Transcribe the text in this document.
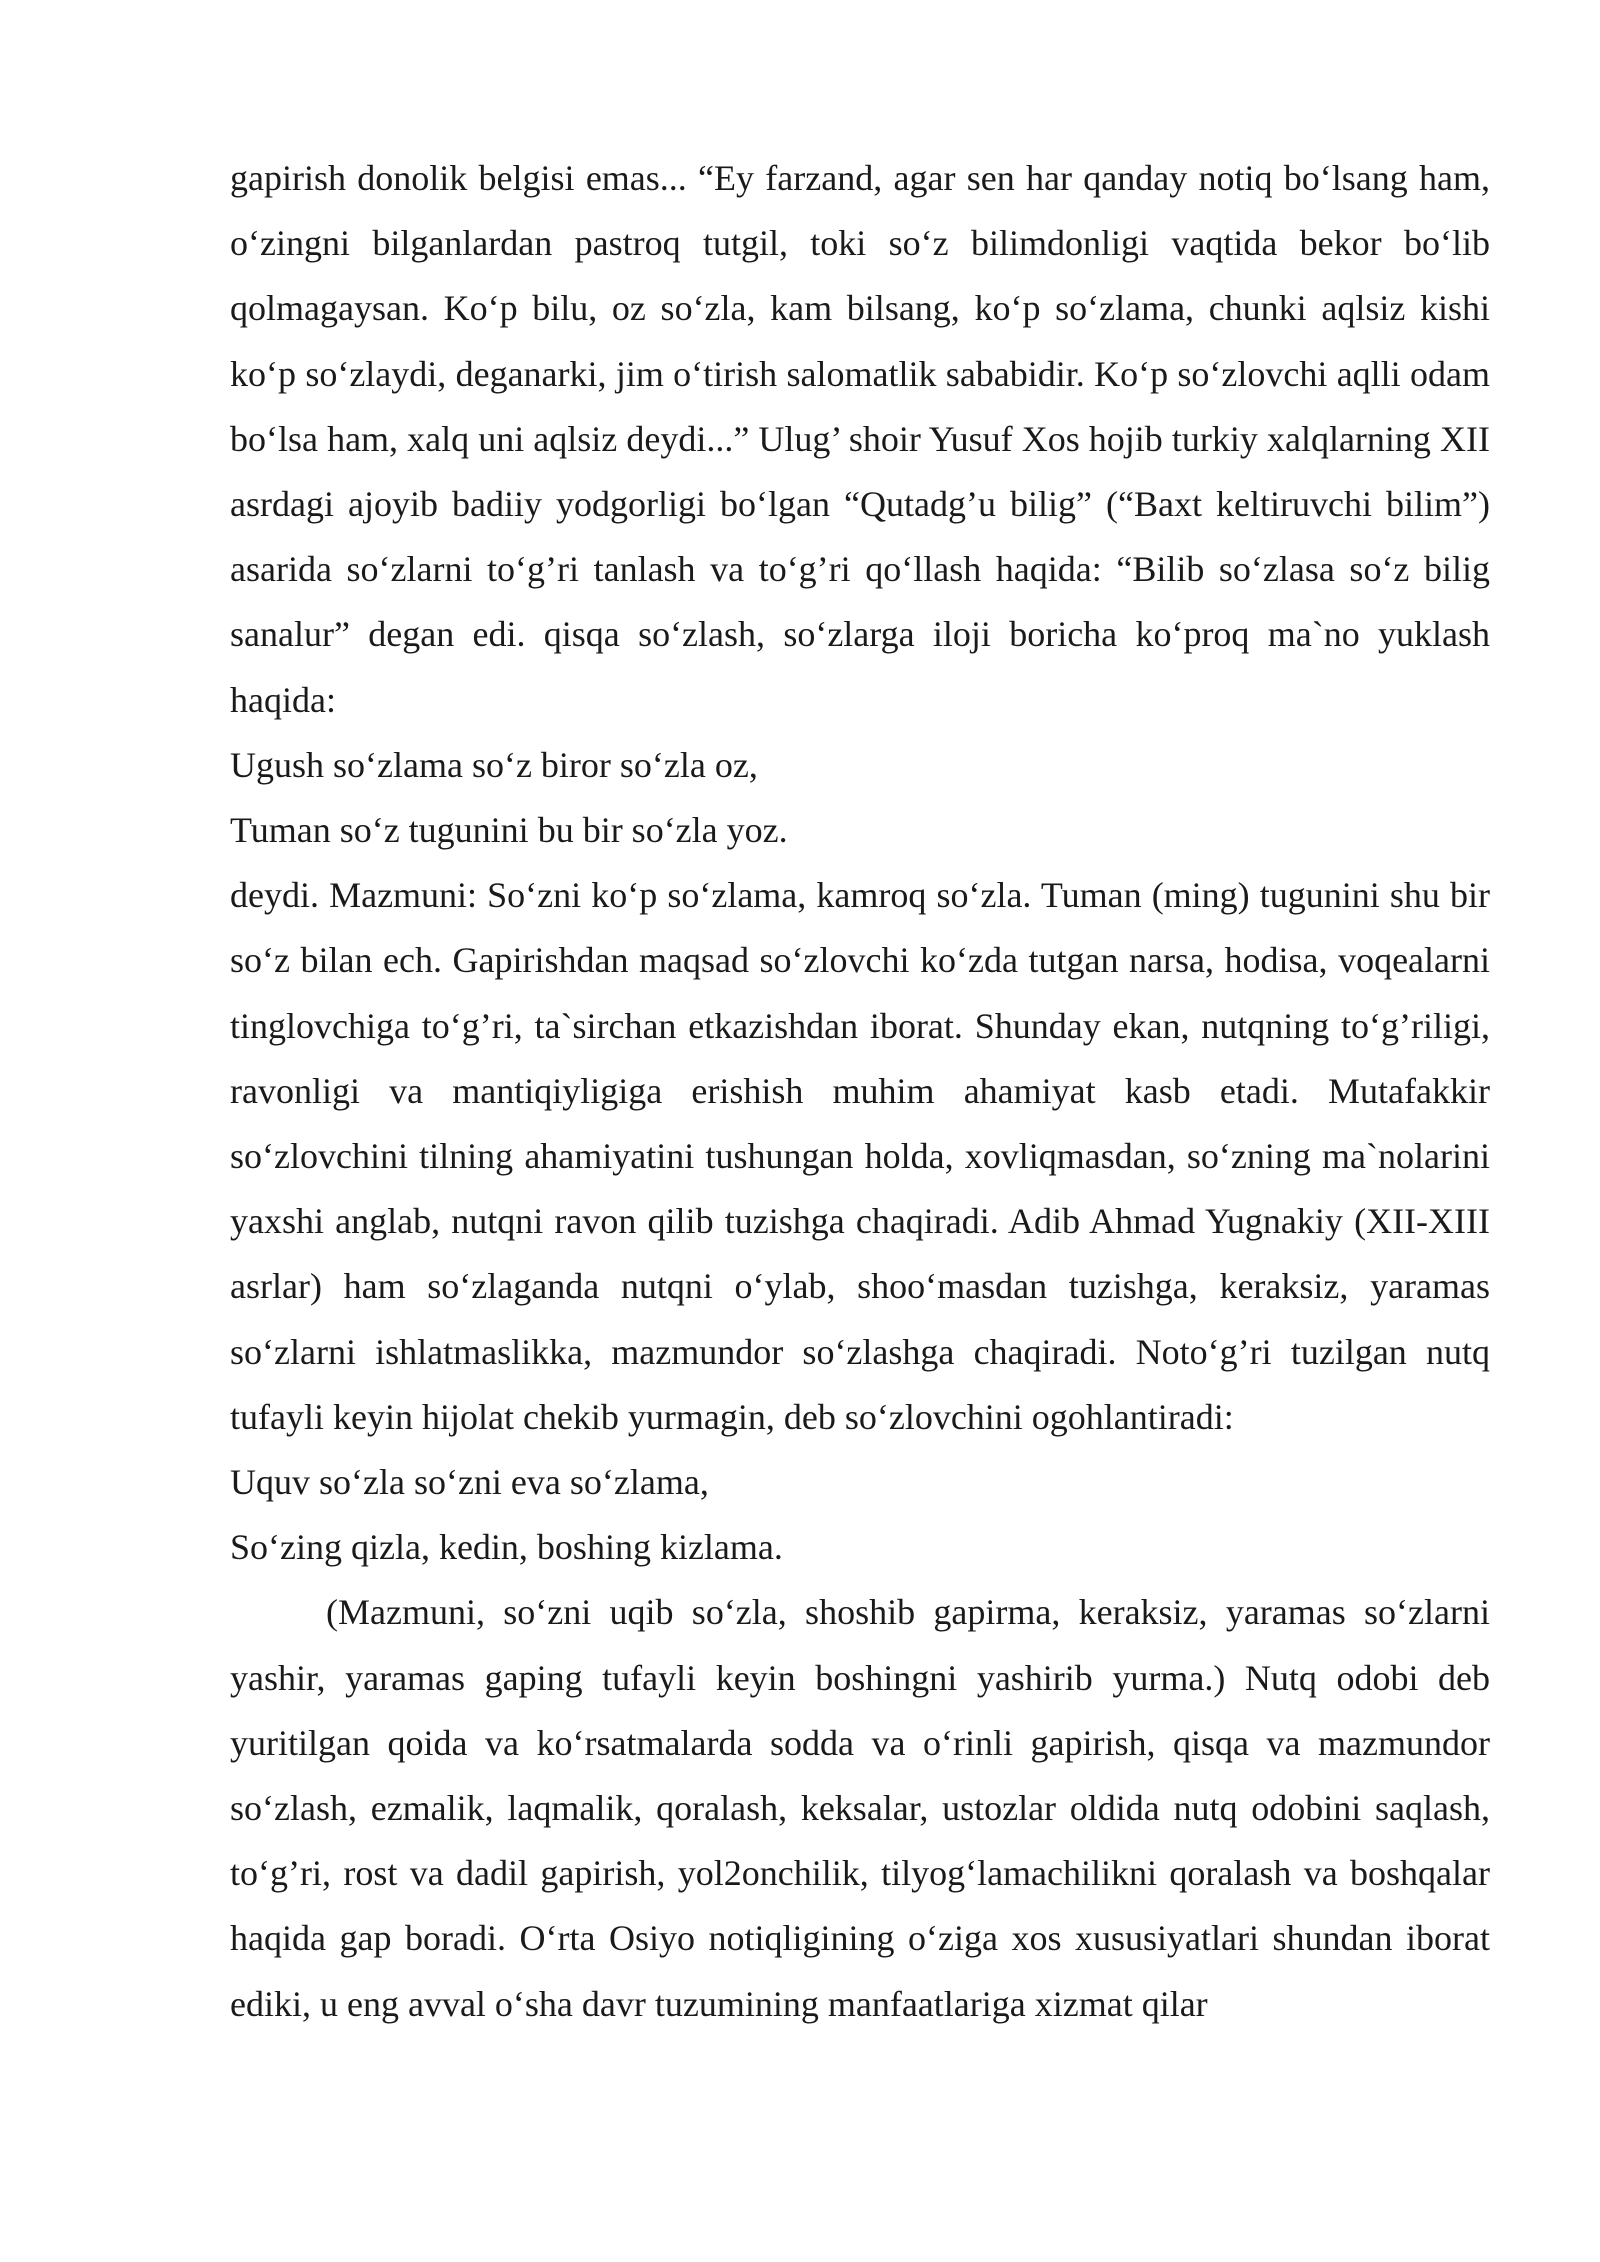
gapirish donolik belgisi emas... “Ey farzand, agar sen har qanday notiq bo‘lsang ham, o‘zingni bilganlardan pastroq tutgil, toki so‘z bilimdonligi vaqtida bekor bo‘lib qolmagaysan. Ko‘p bilu, oz so‘zla, kam bilsang, ko‘p so‘zlama, chunki aqlsiz kishi ko‘p so‘zlaydi, deganarki, jim o‘tirish salomatlik sababidir. Ko‘p so‘zlovchi aqlli odam bo‘lsa ham, xalq uni aqlsiz deydi...” Ulug’ shoir Yusuf Xos hojib turkiy xalqlarning XII asrdagi ajoyib badiiy yodgorligi bo‘lgan “Qutadg’u bilig” (“Baxt keltiruvchi bilim”) asarida so‘zlarni to‘g’ri tanlash va to‘g’ri qo‘llash haqida: “Bilib so‘zlasa so‘z bilig sanalur” degan edi. qisqa so‘zlash, so‘zlarga iloji boricha ko‘proq ma`no yuklash haqida:

Ugush so‘zlama so‘z biror so‘zla oz,

Tuman so‘z tugunini bu bir so‘zla yoz.

deydi. Mazmuni: So‘zni ko‘p so‘zlama, kamroq so‘zla. Tuman (ming) tugunini shu bir so‘z bilan ech. Gapirishdan maqsad so‘zlovchi ko‘zda tutgan narsa, hodisa, voqealarni tinglovchiga to‘g’ri, ta`sirchan etkazishdan iborat. Shunday ekan, nutqning to‘g’riligi, ravonligi va mantiqiyligiga erishish muhim ahamiyat kasb etadi. Mutafakkir so‘zlovchini tilning ahamiyatini tushungan holda, xovliqmasdan, so‘zning ma`nolarini yaxshi anglab, nutqni ravon qilib tuzishga chaqiradi. Adib Ahmad Yugnakiy (XII-XIII asrlar) ham so‘zlaganda nutqni o‘ylab, shoo‘masdan tuzishga, keraksiz, yaramas so‘zlarni ishlatmaslikka, mazmundor so‘zlashga chaqiradi. Noto‘g’ri tuzilgan nutq tufayli keyin hijolat chekib yurmagin, deb so‘zlovchini ogohlantiradi:

Uquv so‘zla so‘zni eva so‘zlama,

So‘zing qizla, kedin, boshing kizlama.

(Mazmuni, so‘zni uqib so‘zla, shoshib gapirma, keraksiz, yaramas so‘zlarni yashir, yaramas gaping tufayli keyin boshingni yashirib yurma.) Nutq odobi deb yuritilgan qoida va ko‘rsatmalarda sodda va o‘rinli gapirish, qisqa va mazmundor so‘zlash, ezmalik, laqmalik, qoralash, keksalar, ustozlar oldida nutq odobini saqlash, to‘g’ri, rost va dadil gapirish, yol2onchilik, tilyog‘lamachilikni qoralash va boshqalar haqida gap boradi. O‘rta Osiyo notiqligining o‘ziga xos xususiyatlari shundan iborat ediki, u eng avval o‘sha davr tuzumining manfaatlariga xizmat qilar
